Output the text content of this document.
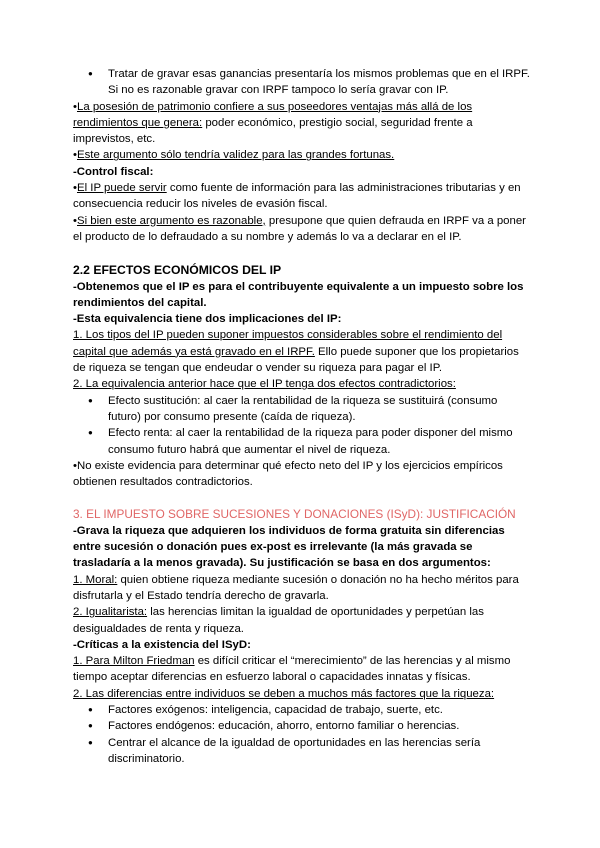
● Tratar de gravar esas ganancias presentaría los mismos problemas que en el IRPF. Si no es razonable gravar con IRPF tampoco lo sería gravar con IP.

•La posesión de patrimonio confiere a sus poseedores ventajas más allá de los rendimientos que genera: poder económico, prestigio social, seguridad frente a imprevistos, etc.

•Este argumento sólo tendría validez para las grandes fortunas.

-Control fiscal:

•El IP puede servir como fuente de información para las administraciones tributarias y en consecuencia reducir los niveles de evasión fiscal.

•Si bien este argumento es razonable, presupone que quien defrauda en IRPF va a poner el producto de lo defraudado a su nombre y además lo va a declarar en el IP.

2.2 EFECTOS ECONÓMICOS DEL IP

-Obtenemos que el IP es para el contribuyente equivalente a un impuesto sobre los rendimientos del capital.

-Esta equivalencia tiene dos implicaciones del IP:

1. Los tipos del IP pueden suponer impuestos considerables sobre el rendimiento del capital que además ya está gravado en el IRPF. Ello puede suponer que los propietarios de riqueza se tengan que endeudar o vender su riqueza para pagar el IP.

2. La equivalencia anterior hace que el IP tenga dos efectos contradictorios:

● Efecto sustitución: al caer la rentabilidad de la riqueza se sustituirá (consumo futuro) por consumo presente (caída de riqueza).
● Efecto renta: al caer la rentabilidad de la riqueza para poder disponer del mismo consumo futuro habrá que aumentar el nivel de riqueza.

•No existe evidencia para determinar qué efecto neto del IP y los ejercicios empíricos obtienen resultados contradictorios.

3. EL IMPUESTO SOBRE SUCESIONES Y DONACIONES (ISyD): JUSTIFICACIÓN

-Grava la riqueza que adquieren los individuos de forma gratuita sin diferencias entre sucesión o donación pues ex-post es irrelevante (la más gravada se trasladaría a la menos gravada). Su justificación se basa en dos argumentos:

1. Moral: quien obtiene riqueza mediante sucesión o donación no ha hecho méritos para disfrutarla y el Estado tendría derecho de gravarla.

2. Igualitarista: las herencias limitan la igualdad de oportunidades y perpetúan las desigualdades de renta y riqueza.

-Críticas a la existencia del ISyD:

1. Para Milton Friedman es difícil criticar el “merecimiento” de las herencias y al mismo tiempo aceptar diferencias en esfuerzo laboral o capacidades innatas y físicas.

2. Las diferencias entre individuos se deben a muchos más factores que la riqueza:

● Factores exógenos: inteligencia, capacidad de trabajo, suerte, etc.
● Factores endógenos: educación, ahorro, entorno familiar o herencias.
● Centrar el alcance de la igualdad de oportunidades en las herencias sería discriminatorio.
